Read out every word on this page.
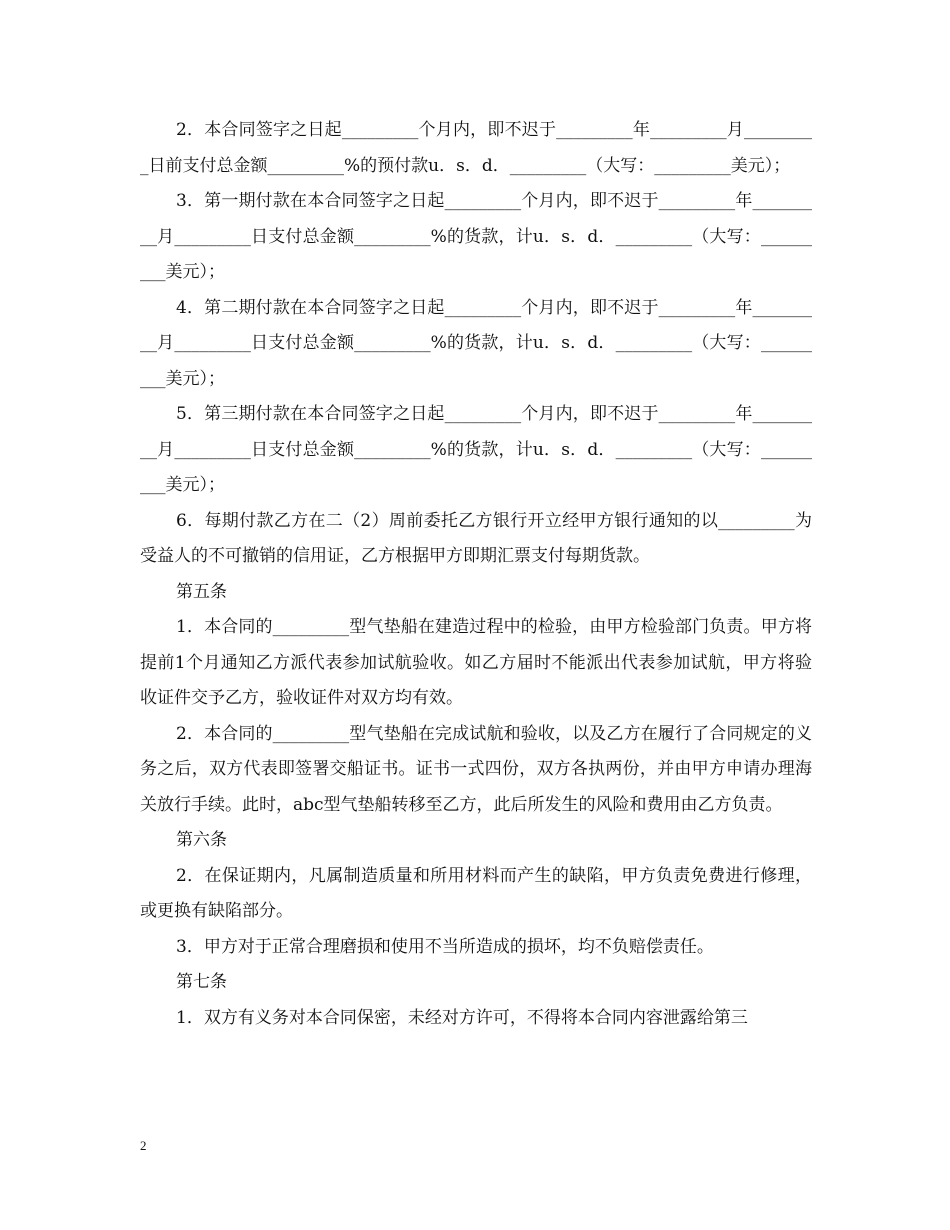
2．本合同签字之日起_________个月内，即不迟于_________年_________月_________日前支付总金额_________%的预付款u．s．d．_________（大写：_________美元）；

3．第一期付款在本合同签字之日起_________个月内，即不迟于_________年_________月_________日支付总金额_________%的货款，计u．s．d．_________（大写：_________美元）；

4．第二期付款在本合同签字之日起_________个月内，即不迟于_________年_________月_________日支付总金额_________%的货款，计u．s．d．_________（大写：_________美元）；

5．第三期付款在本合同签字之日起_________个月内，即不迟于_________年_________月_________日支付总金额_________%的货款，计u．s．d．_________（大写：_________美元）；

6．每期付款乙方在二（2）周前委托乙方银行开立经甲方银行通知的以_________为受益人的不可撤销的信用证，乙方根据甲方即期汇票支付每期货款。

第五条

1．本合同的_________型气垫船在建造过程中的检验，由甲方检验部门负责。甲方将提前1个月通知乙方派代表参加试航验收。如乙方届时不能派出代表参加试航，甲方将验收证件交予乙方，验收证件对双方均有效。

2．本合同的_________型气垫船在完成试航和验收，以及乙方在履行了合同规定的义务之后，双方代表即签署交船证书。证书一式四份，双方各执两份，并由甲方申请办理海关放行手续。此时，abc型气垫船转移至乙方，此后所发生的风险和费用由乙方负责。

第六条

2．在保证期内，凡属制造质量和所用材料而产生的缺陷，甲方负责免费进行修理，或更换有缺陷部分。

3．甲方对于正常合理磨损和使用不当所造成的损坏，均不负赔偿责任。

第七条

1．双方有义务对本合同保密，未经对方许可，不得将本合同内容泄露给第三

2
